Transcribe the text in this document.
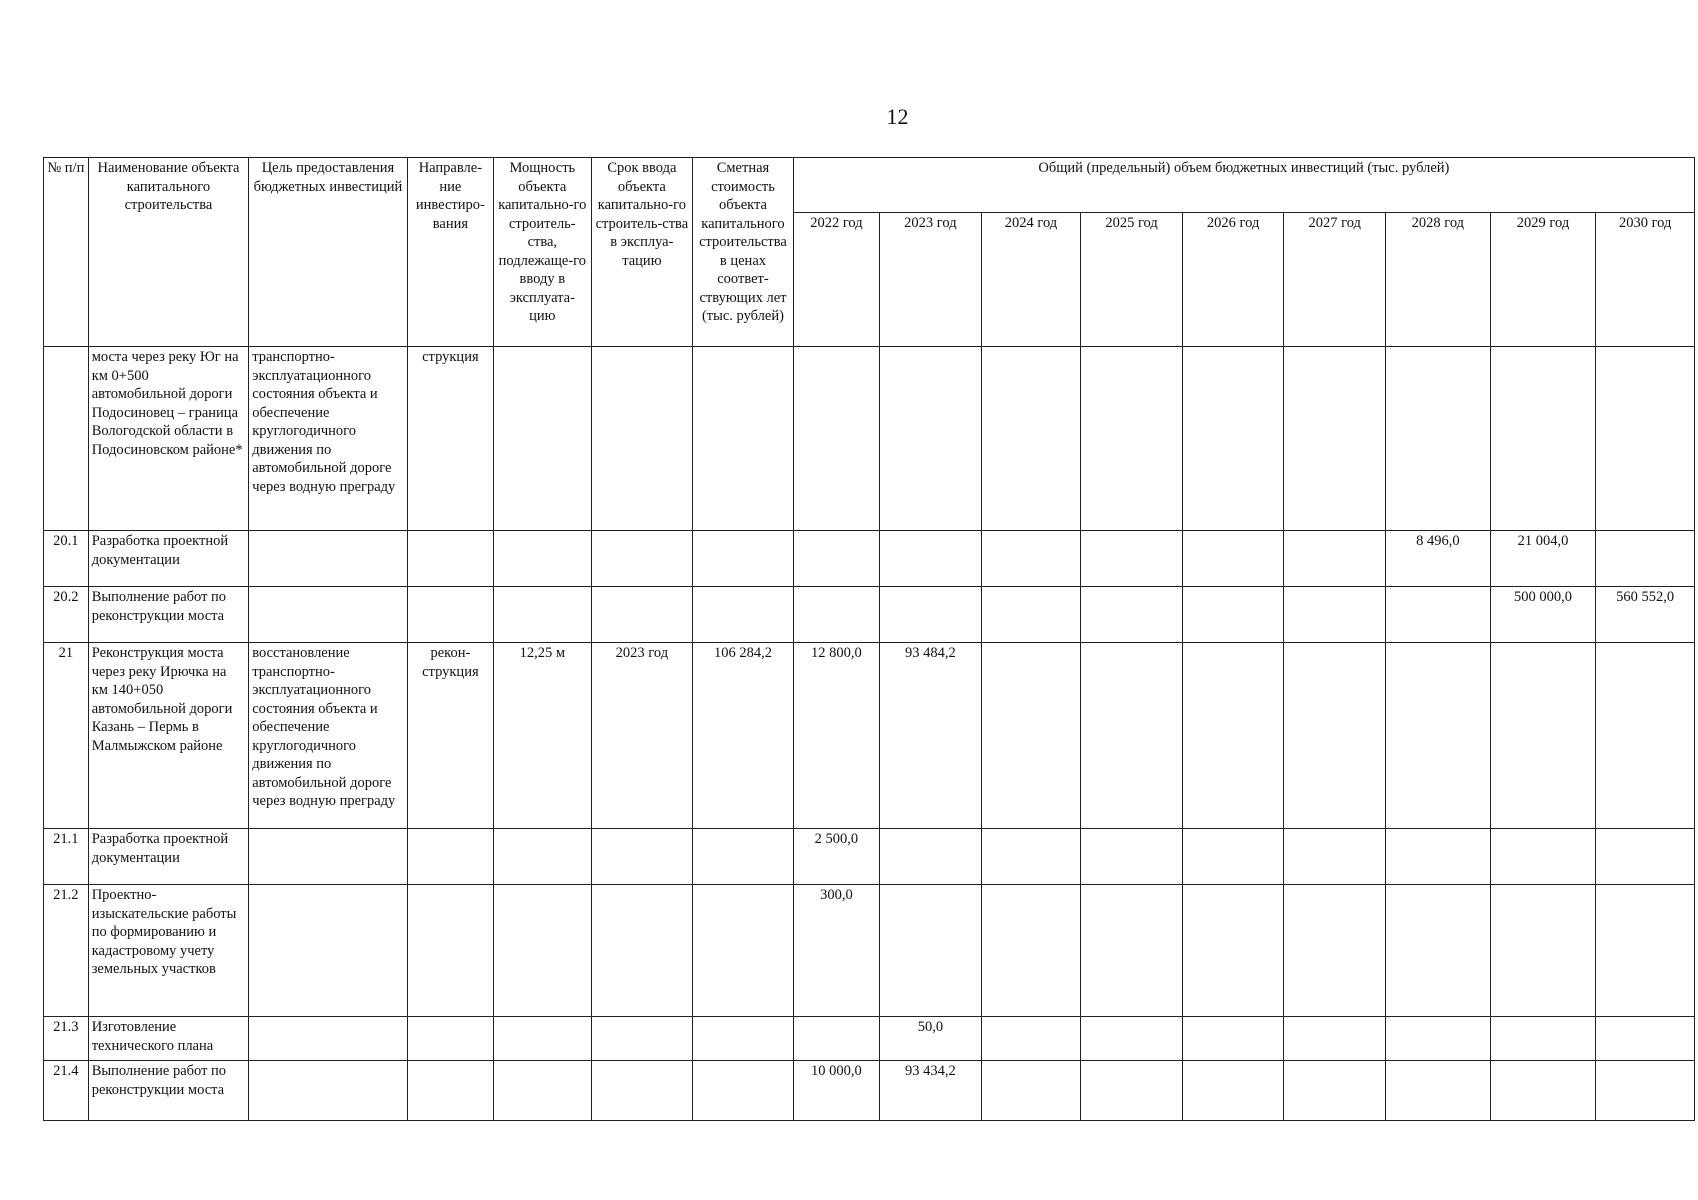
12
№ п/п	Наименование объекта капитального строительства	Цель предоставления бюджетных инвестиций	Направле-ние инвестиро-вания	Мощность объекта капитально-го строитель-ства, подлежаще-го вводу в эксплуата-цию	Срок ввода объекта капитально-го строитель-ства в эксплуа-тацию	Сметная стоимость объекта капитального строительства в ценах соответ-ствующих лет (тыс. рублей)	Общий (предельный) объем бюджетных инвестиций (тыс. рублей)								
							2022 год	2023 год	2024 год	2025 год	2026 год	2027 год	2028 год	2029 год	2030 год
	моста через реку Юг на км 0+500 автомобильной дороги Подосиновец – граница Вологодской области в Подосиновском районе*	транспортно-эксплуатационного состояния объекта и обеспечение круглогодичного движения по автомобильной дороге через водную преграду	струкция												
20.1	Разработка проектной документации												8 496,0	21 004,0	
20.2	Выполнение работ по реконструкции моста													500 000,0	560 552,0
21	Реконструкция моста через реку Ирючка на км 140+050 автомобильной дороги Казань – Пермь в Малмыжском районе	восстановление транспортно-эксплуатационного состояния объекта и обеспечение круглогодичного движения по автомобильной дороге через водную преграду	рекон-струкция	12,25 м	2023 год	106 284,2	12 800,0	93 484,2							
21.1	Разработка проектной документации						2 500,0								
21.2	Проектно-изыскательские работы по формированию и кадастровому учету земельных участков						300,0								
21.3	Изготовление технического плана							50,0							
21.4	Выполнение работ по реконструкции моста						10 000,0	93 434,2							
